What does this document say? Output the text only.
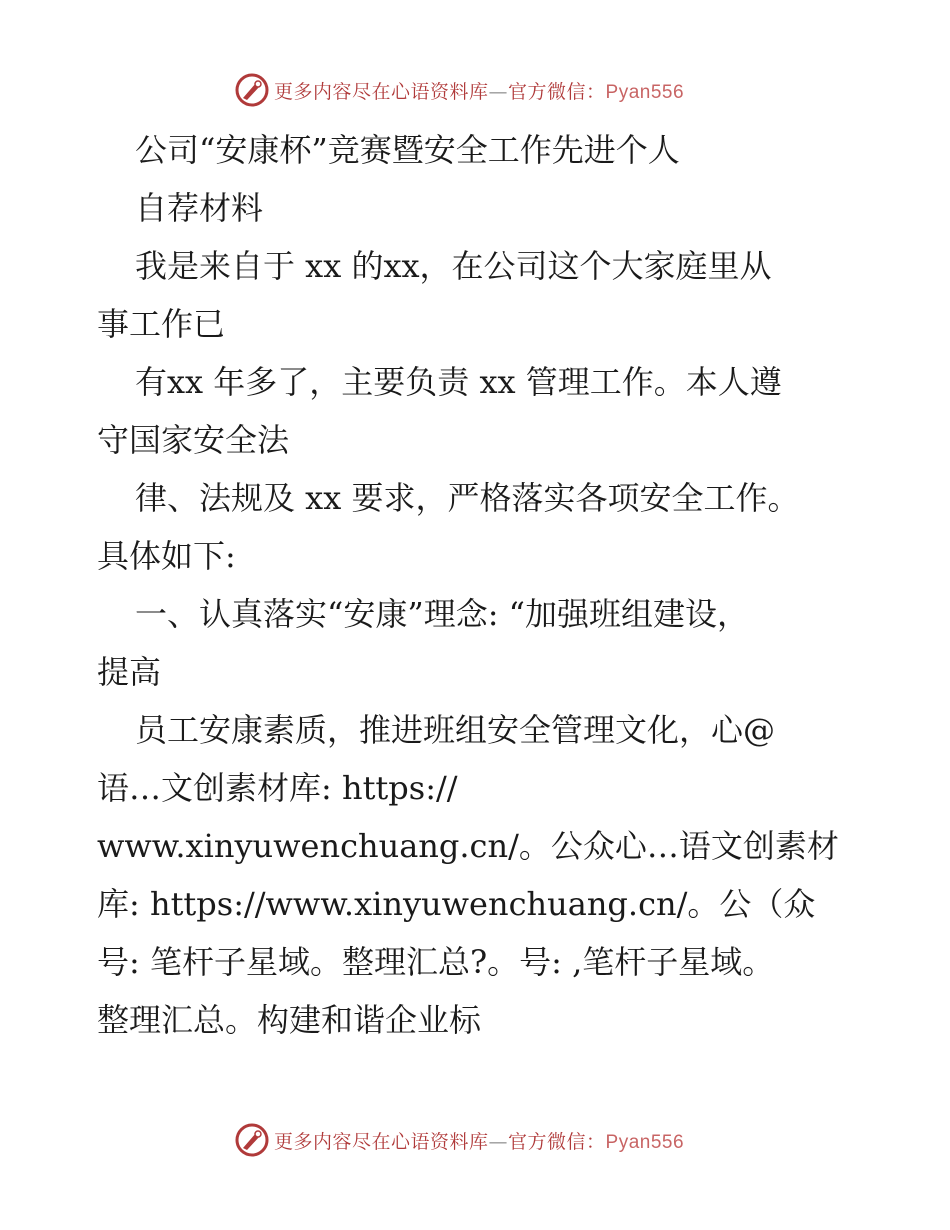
更多内容尽在心语资料库—官方微信：Pyan556
公司“安康杯”竞赛暨安全工作先进个人
自荐材料
我是来自于 xx 的xx，在公司这个大家庭里从
事工作已
有xx 年多了，主要负责 xx 管理工作。本人遵
守国家安全法
律、法规及 xx 要求，严格落实各项安全工作。
具体如下:
一、认真落实“安康”理念: “加强班组建设，
提高
员工安康素质，推进班组安全管理文化，心@
语…文创素材库: https://
www.xinyuwenchuang.cn/。公众心…语文创素材
库: https://www.xinyuwenchuang.cn/。公（众
号: 笔杆子星域。整理汇总?。号: ,笔杆子星域。
整理汇总。构建和谐企业标
更多内容尽在心语资料库—官方微信：Pyan556
